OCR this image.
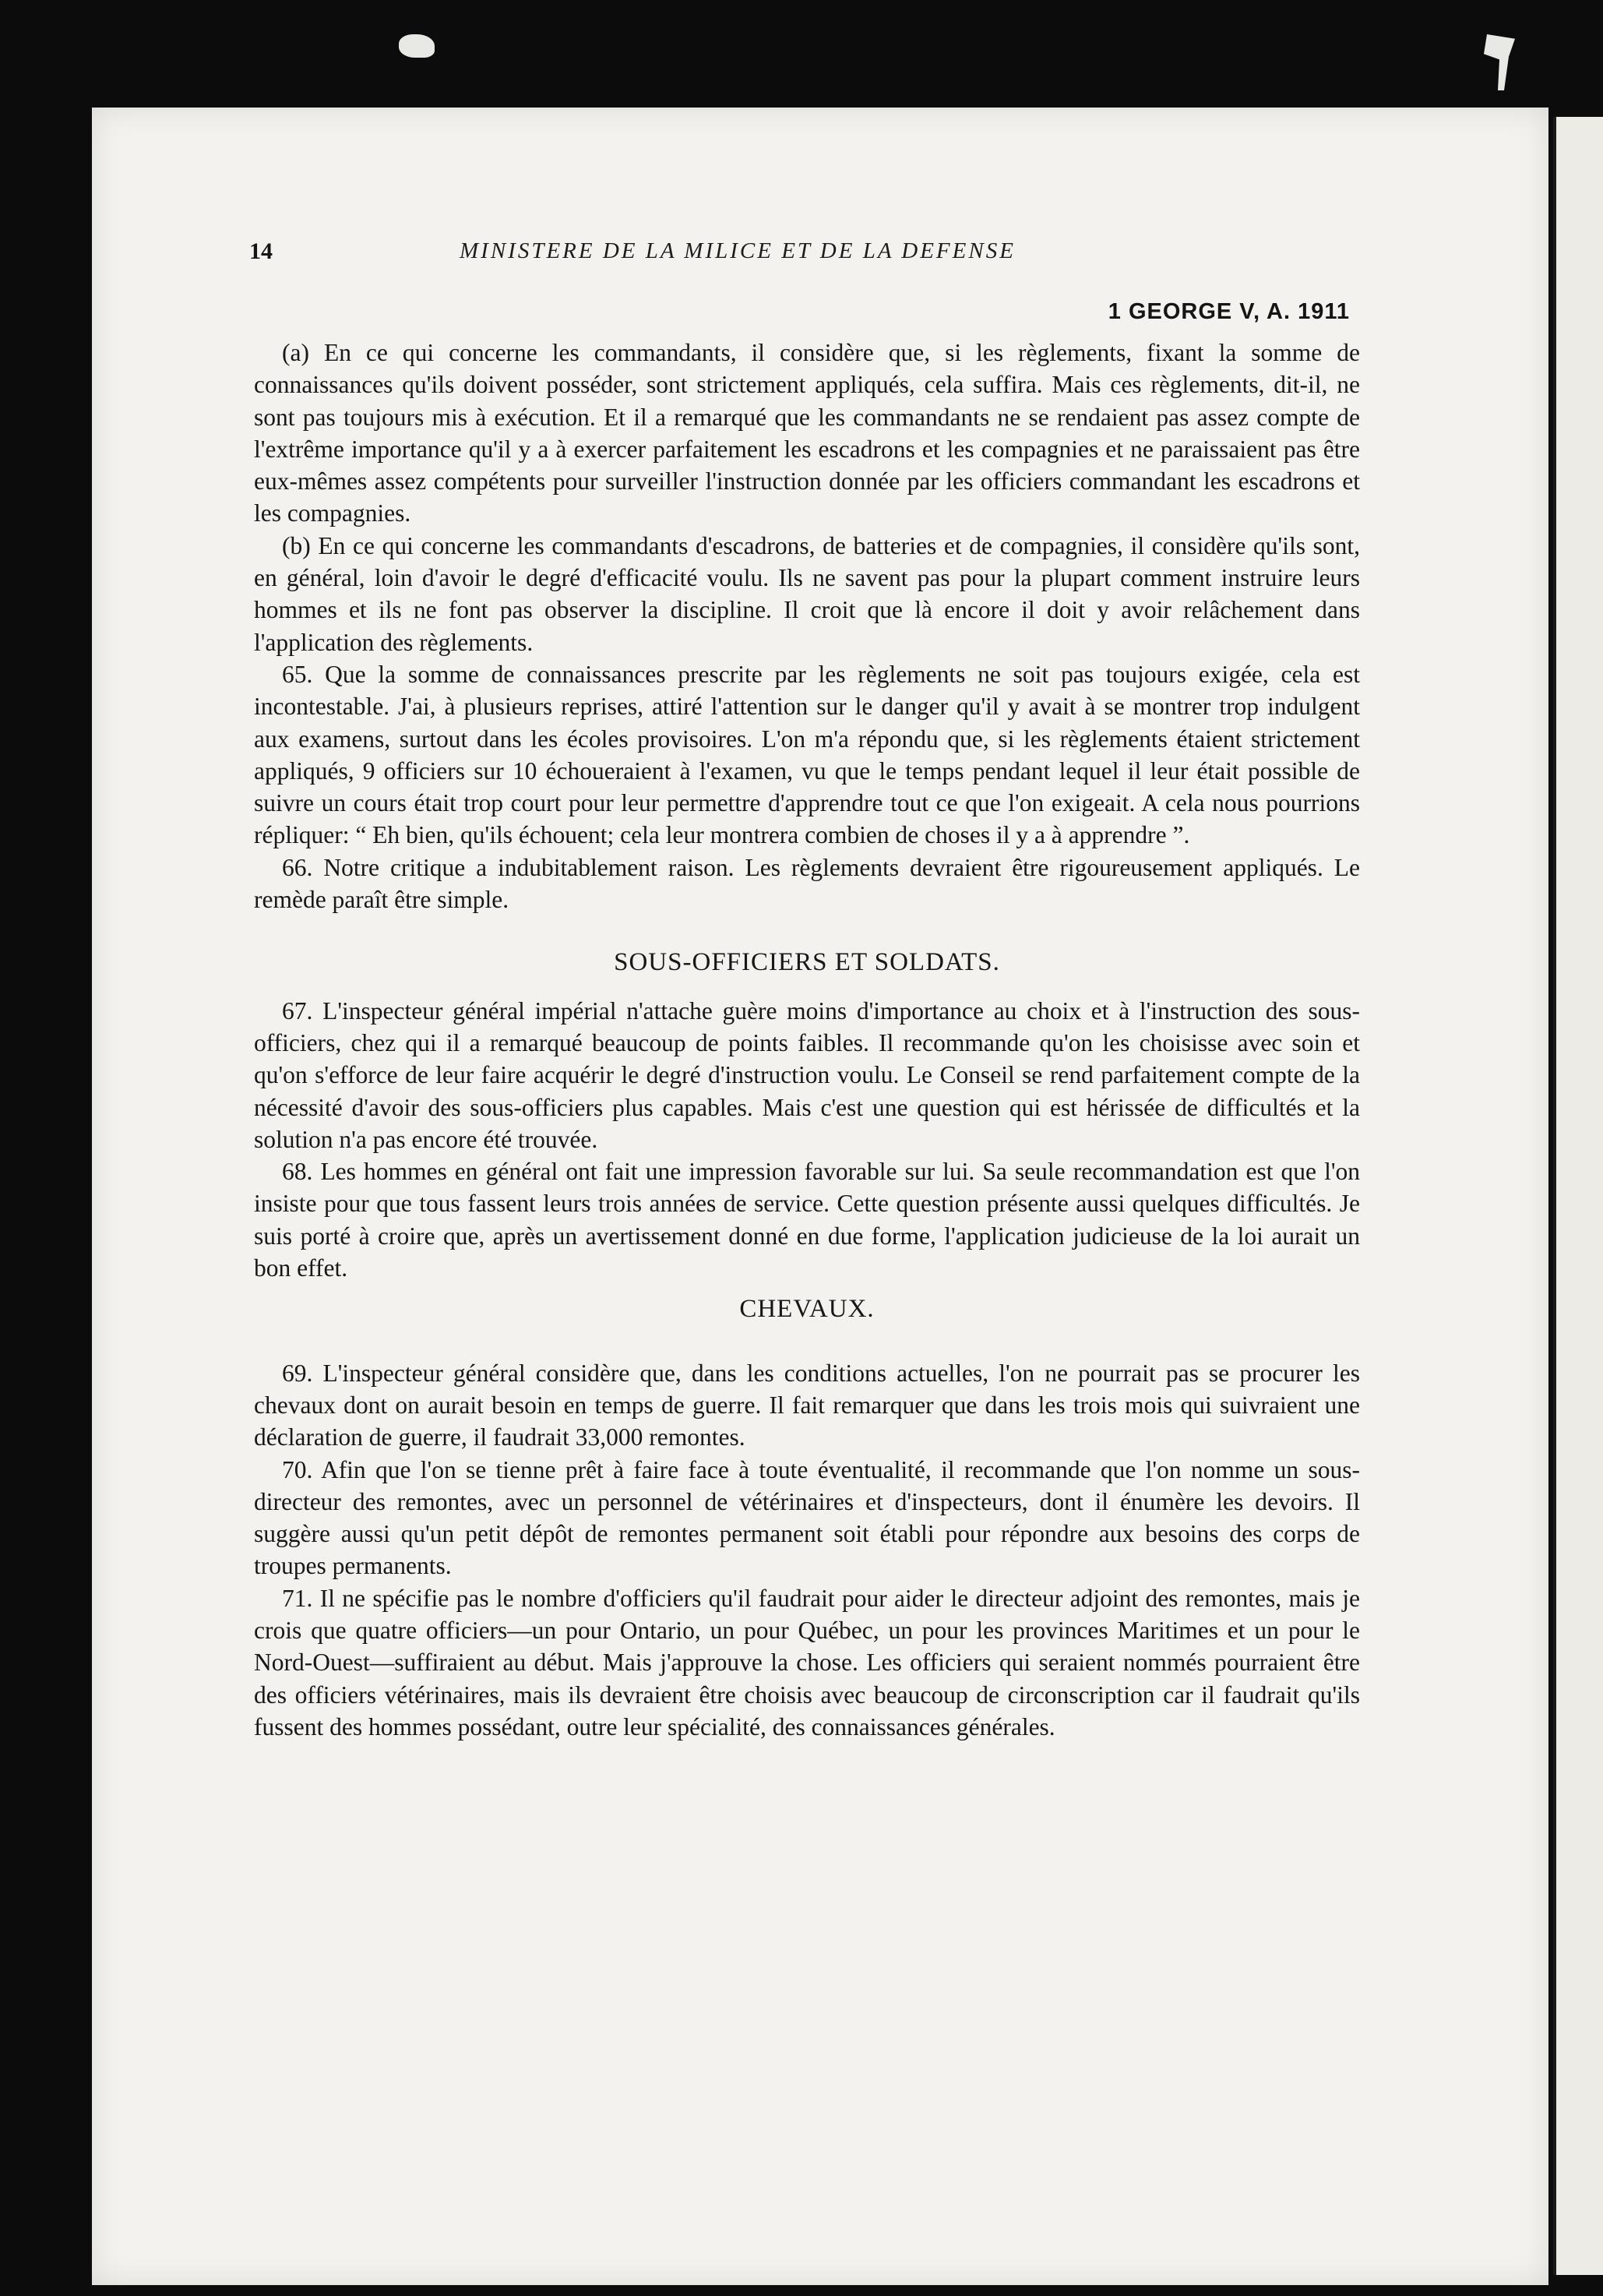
14	MINISTERE DE LA MILICE ET DE LA DEFENSE
1 GEORGE V, A. 1911

(a) En ce qui concerne les commandants, il considère que, si les règlements, fixant la somme de connaissances qu'ils doivent posséder, sont strictement appliqués, cela suffira. Mais ces règlements, dit-il, ne sont pas toujours mis à exécution. Et il a remarqué que les commandants ne se rendaient pas assez compte de l'extrême importance qu'il y a à exercer parfaitement les escadrons et les compagnies et ne paraissaient pas être eux-mêmes assez compétents pour surveiller l'instruction donnée par les officiers commandant les escadrons et les compagnies.

(b) En ce qui concerne les commandants d'escadrons, de batteries et de compagnies, il considère qu'ils sont, en général, loin d'avoir le degré d'efficacité voulu. Ils ne savent pas pour la plupart comment instruire leurs hommes et ils ne font pas observer la discipline. Il croit que là encore il doit y avoir relâchement dans l'application des règlements.

65. Que la somme de connaissances prescrite par les règlements ne soit pas toujours exigée, cela est incontestable. J'ai, à plusieurs reprises, attiré l'attention sur le danger qu'il y avait à se montrer trop indulgent aux examens, surtout dans les écoles provisoires. L'on m'a répondu que, si les règlements étaient strictement appliqués, 9 officiers sur 10 échoueraient à l'examen, vu que le temps pendant lequel il leur était possible de suivre un cours était trop court pour leur permettre d'apprendre tout ce que l'on exigeait. A cela nous pourrions répliquer: “ Eh bien, qu'ils échouent; cela leur montrera combien de choses il y a à apprendre ”.

66. Notre critique a indubitablement raison. Les règlements devraient être rigoureusement appliqués. Le remède paraît être simple.

SOUS-OFFICIERS ET SOLDATS.

67. L'inspecteur général impérial n'attache guère moins d'importance au choix et à l'instruction des sous-officiers, chez qui il a remarqué beaucoup de points faibles. Il recommande qu'on les choisisse avec soin et qu'on s'efforce de leur faire acquérir le degré d'instruction voulu. Le Conseil se rend parfaitement compte de la nécessité d'avoir des sous-officiers plus capables. Mais c'est une question qui est hérissée de difficultés et la solution n'a pas encore été trouvée.

68. Les hommes en général ont fait une impression favorable sur lui. Sa seule recommandation est que l'on insiste pour que tous fassent leurs trois années de service. Cette question présente aussi quelques difficultés. Je suis porté à croire que, après un avertissement donné en due forme, l'application judicieuse de la loi aurait un bon effet.

CHEVAUX.

69. L'inspecteur général considère que, dans les conditions actuelles, l'on ne pourrait pas se procurer les chevaux dont on aurait besoin en temps de guerre. Il fait remarquer que dans les trois mois qui suivraient une déclaration de guerre, il faudrait 33,000 remontes.

70. Afin que l'on se tienne prêt à faire face à toute éventualité, il recommande que l'on nomme un sous-directeur des remontes, avec un personnel de vétérinaires et d'inspecteurs, dont il énumère les devoirs. Il suggère aussi qu'un petit dépôt de remontes permanent soit établi pour répondre aux besoins des corps de troupes permanents.

71. Il ne spécifie pas le nombre d'officiers qu'il faudrait pour aider le directeur adjoint des remontes, mais je crois que quatre officiers—un pour Ontario, un pour Québec, un pour les provinces Maritimes et un pour le Nord-Ouest—suffiraient au début. Mais j'approuve la chose. Les officiers qui seraient nommés pourraient être des officiers vétérinaires, mais ils devraient être choisis avec beaucoup de circonscription car il faudrait qu'ils fussent des hommes possédant, outre leur spécialité, des connaissances générales.
